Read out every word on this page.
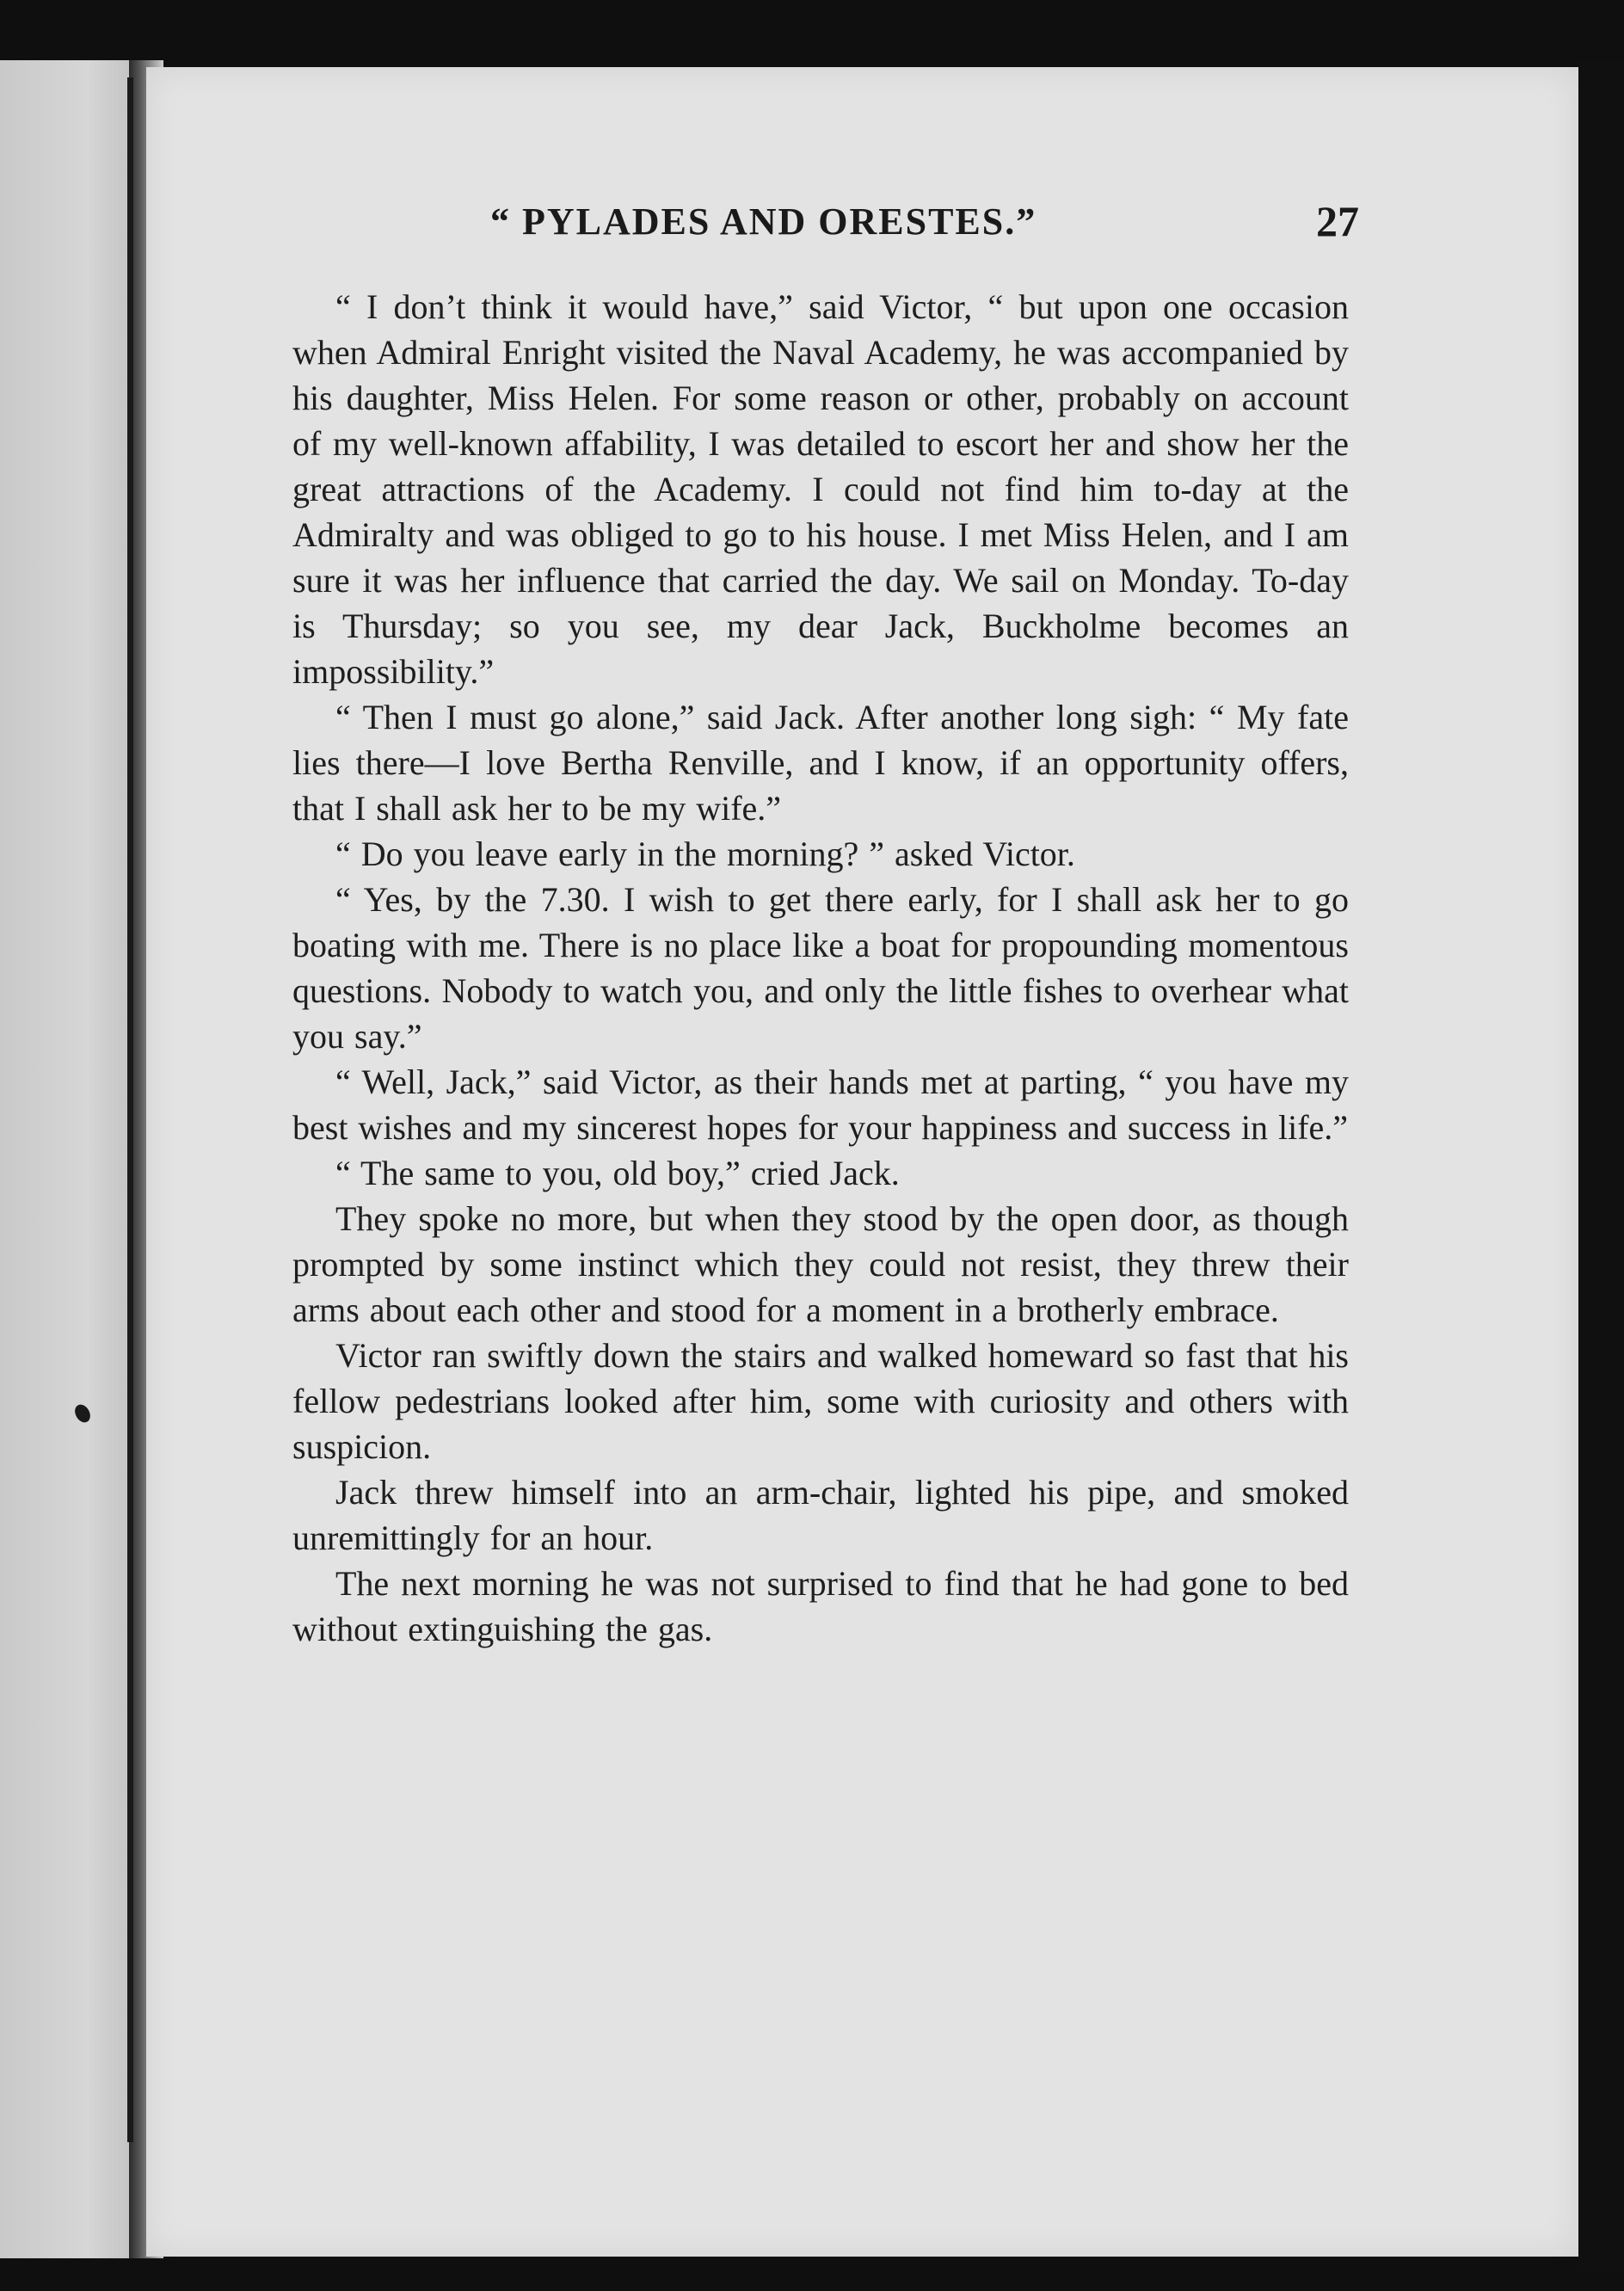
“ PYLADES AND ORESTES.”	27

“ I don’t think it would have,” said Victor, “ but upon one occasion when Admiral Enright visited the Naval Academy, he was accompanied by his daughter, Miss Helen. For some reason or other, probably on account of my well-known affability, I was detailed to escort her and show her the great attractions of the Academy. I could not find him to-day at the Admiralty and was obliged to go to his house. I met Miss Helen, and I am sure it was her influence that carried the day. We sail on Monday. To-day is Thursday; so you see, my dear Jack, Buckholme becomes an impossibility.”

“ Then I must go alone,” said Jack. After another long sigh: “ My fate lies there—I love Bertha Renville, and I know, if an opportunity offers, that I shall ask her to be my wife.”

“ Do you leave early in the morning? ” asked Victor.

“ Yes, by the 7.30. I wish to get there early, for I shall ask her to go boating with me. There is no place like a boat for propounding momentous questions. Nobody to watch you, and only the little fishes to overhear what you say.”

“ Well, Jack,” said Victor, as their hands met at parting, “ you have my best wishes and my sincerest hopes for your happiness and success in life.”

“ The same to you, old boy,” cried Jack.

They spoke no more, but when they stood by the open door, as though prompted by some instinct which they could not resist, they threw their arms about each other and stood for a moment in a brotherly embrace.

Victor ran swiftly down the stairs and walked homeward so fast that his fellow pedestrians looked after him, some with curiosity and others with suspicion.

Jack threw himself into an arm-chair, lighted his pipe, and smoked unremittingly for an hour.

The next morning he was not surprised to find that he had gone to bed without extinguishing the gas.
